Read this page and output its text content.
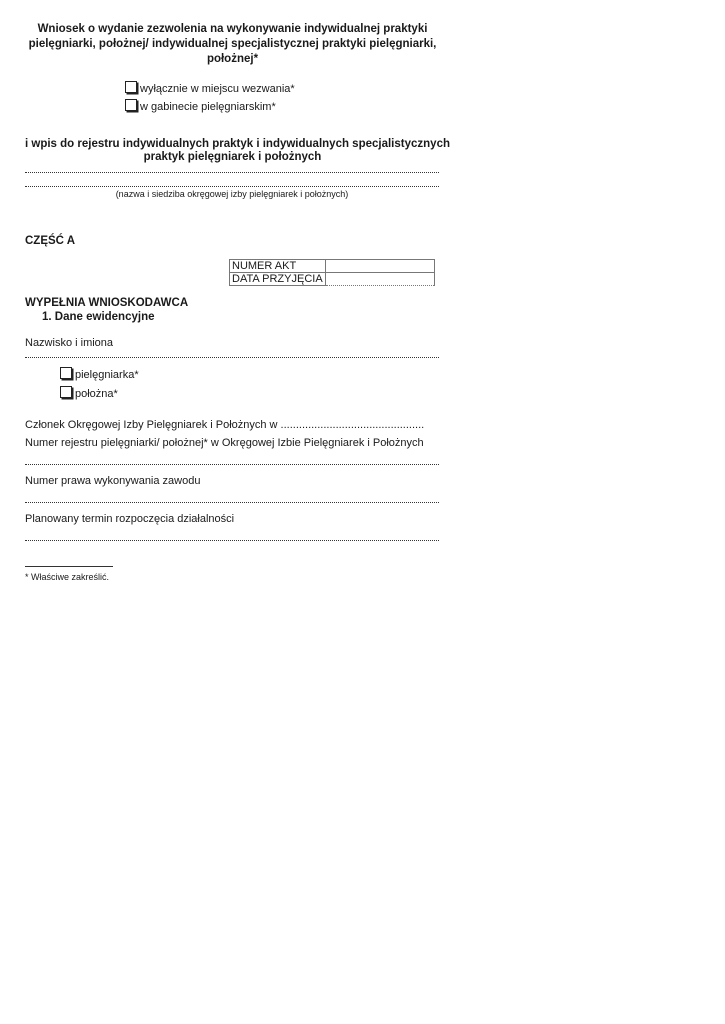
Wniosek o wydanie zezwolenia na wykonywanie indywidualnej praktyki
pielęgniarki, położnej/ indywidualnej specjalistycznej praktyki pielęgniarki,
położnej*
wyłącznie w miejscu wezwania*
w gabinecie pielęgniarskim*
i wpis do rejestru indywidualnych praktyk i indywidualnych specjalistycznych
praktyk pielęgniarek i położnych
(nazwa i siedziba okręgowej izby pielęgniarek i położnych)
CZĘŚĆ A
NUMER AKT	
DATA PRZYJĘCIA	
WYPEŁNIA WNIOSKODAWCA
1. Dane ewidencyjne
Nazwisko i imiona
pielęgniarka*
położna*
Członek Okręgowej Izby Pielęgniarek i Położnych w ...............................................
Numer rejestru pielęgniarki/ położnej* w Okręgowej Izbie Pielęgniarek i Położnych
Numer prawa wykonywania zawodu
Planowany termin rozpoczęcia działalności
* Właściwe zakreślić.
